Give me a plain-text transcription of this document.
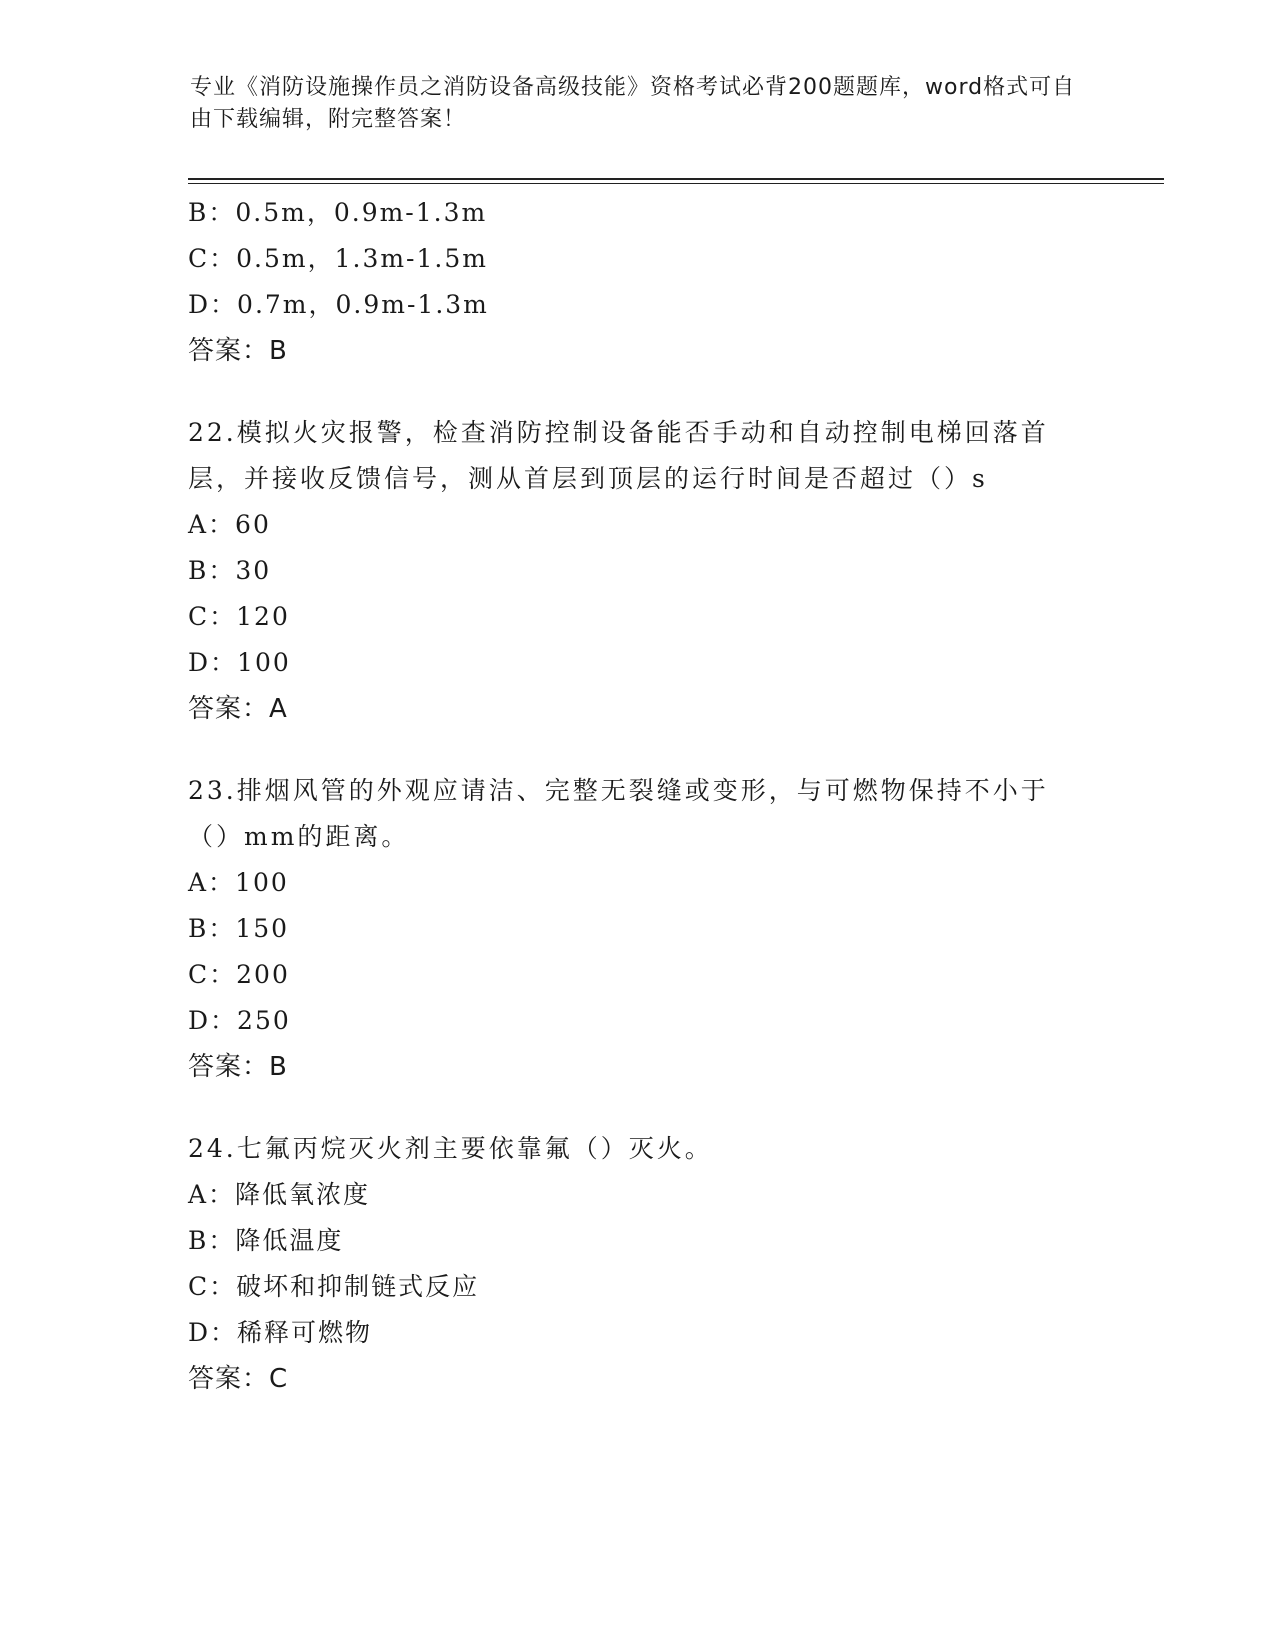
专业《消防设施操作员之消防设备高级技能》资格考试必背200题题库，word格式可自由下载编辑，附完整答案！
B：0.5m，0.9m-1.3m
C：0.5m，1.3m-1.5m
D：0.7m，0.9m-1.3m
答案：B
22.模拟火灾报警，检查消防控制设备能否手动和自动控制电梯回落首层，并接收反馈信号，测从首层到顶层的运行时间是否超过（）s
A：60
B：30
C：120
D：100
答案：A
23.排烟风管的外观应请洁、完整无裂缝或变形，与可燃物保持不小于（）mm的距离。
A：100
B：150
C：200
D：250
答案：B
24.七氟丙烷灭火剂主要依靠氟（）灭火。
A：降低氧浓度
B：降低温度
C：破坏和抑制链式反应
D：稀释可燃物
答案：C
